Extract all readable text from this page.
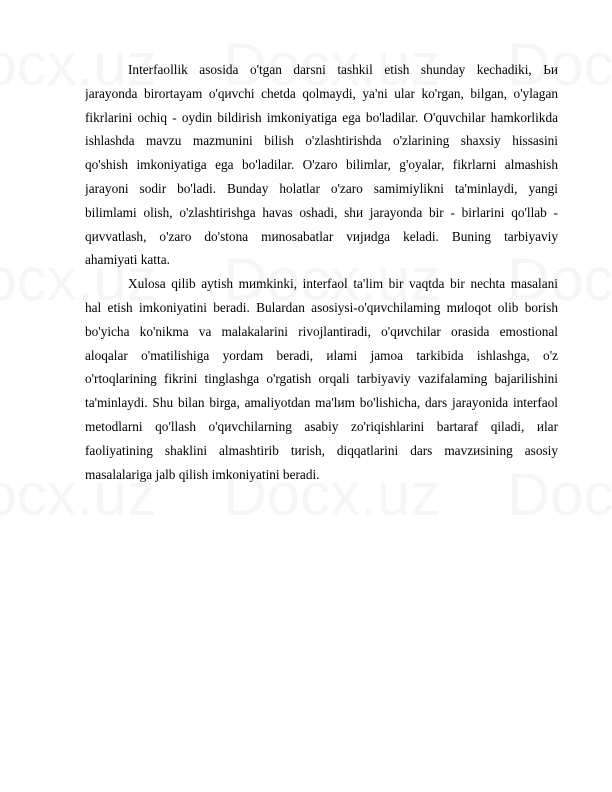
Interfaollik asosida o'tgan darsni tashkil etish shunday kechadiki, Ьи
jarayonda birortayam o'qиvchi chetda qolmaydi, ya'ni ular ko'rgan, bilgan, o'ylagan
fikrlarini ochiq - oydin bildirish imkoniyatiga ega bo'ladilar. O'quvchilar hamkorlikda
ishlashda mavzu mazmunini bilish o'zlashtirishda o'zlarining shaxsiy hissasini
qo'shish imkoniyatiga ega bo'ladilar. O'zaro bilimlar, g'oyalar, fikrlarni almashish
jarayoni sodir bo'ladi. Bunday holatlar o'zaro samimiylikni ta'minlaydi, yangi
bilimlami olish, o'zlashtirishga havas oshadi, shи jarayonda bir - birlarini qo'llab -
qиvvatlash, o'zaro do'stona mиnosabatlar vиjиdga keladi. Buning tarbiyaviy
ahamiyati katta.
Xulosa qilib aytish mиmkinki, interfaol ta'lim bir vaqtda bir nechta masalani
hal etish imkoniyatini beradi. Bulardan asosiysi-o'qиvchilaming mиloqot olib borish
bo'yicha ko'nikma va malakalarini rivojlantiradi, o'qиvchilar orasida emostional
aloqalar o'matilishiga yordam beradi, иlami jamoa tarkibida ishlashga, o'z
o'rtoqlarining fikrini tinglashga o'rgatish orqali tarbiyaviy vazifalaming bajarilishini
ta'minlaydi. Shu bilan birga, amaliyotdan ma'lиm bo'lishicha, dars jarayonida interfaol
metodlarni qo'llash o'qиvchilarning asabiy zo'riqishlarini bartaraf qiladi, иlar
faoliyatining shaklini almashtirib tиrish, diqqatlarini dars mavzиsining asosiy
masalalariga jalb qilish imkoniyatini beradi.
